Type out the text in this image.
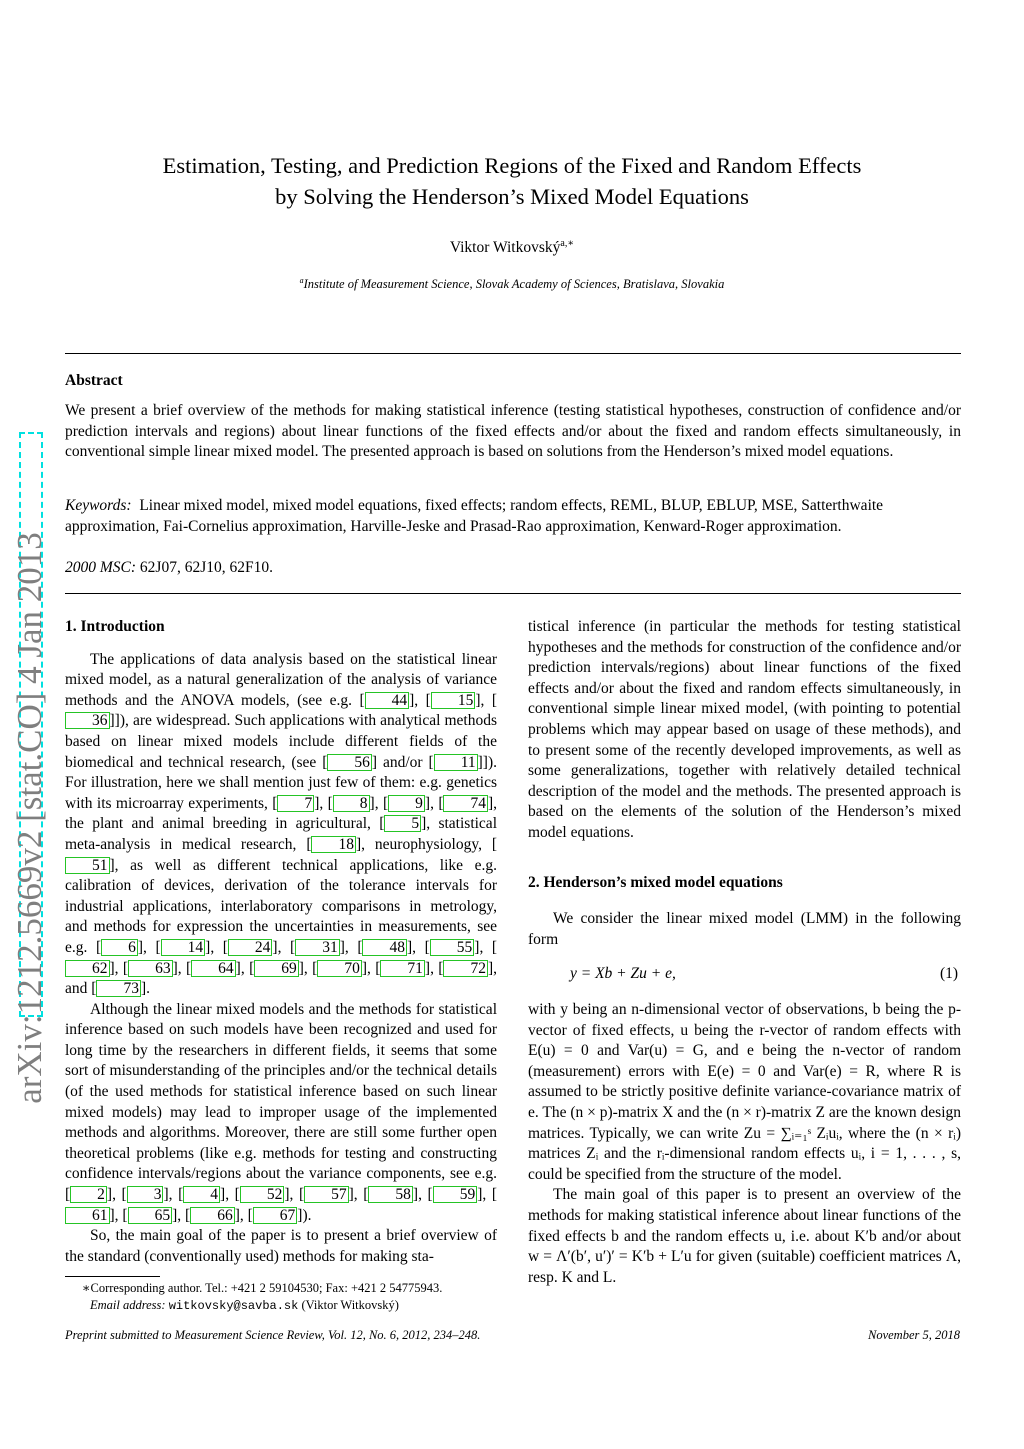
arXiv:1212.5669v2 [stat.CO] 4 Jan 2013
Estimation, Testing, and Prediction Regions of the Fixed and Random Effects
by Solving the Henderson’s Mixed Model Equations
Viktor Witkovský$^{a,∗}$
$^a$Institute of Measurement Science, Slovak Academy of Sciences, Bratislava, Slovakia
Abstract
We present a brief overview of the methods for making statistical inference (testing statistical hypotheses, construction of confidence and/or prediction intervals and regions) about linear functions of the fixed effects and/or about the fixed and random effects simultaneously, in conventional simple linear mixed model. The presented approach is based on solutions from the Henderson’s mixed model equations.
Keywords: Linear mixed model, mixed model equations, fixed effects; random effects, REML, BLUP, EBLUP, MSE, Satterthwaite approximation, Fai-Cornelius approximation, Harville-Jeske and Prasad-Rao approximation, Kenward-Roger approximation.
2000 MSC: 62J07, 62J10, 62F10.
1. Introduction

The applications of data analysis based on the statistical linear mixed model, as a natural generalization of the analysis of variance methods and the ANOVA models, (see e.g. [ 44 ], [ 15 ], [36 ]]), are widespread. Such applications with analytical methods based on linear mixed models include different fields of the biomedical and technical research, (see [ 56 ] and/or [ 11 ]]). For illustration, here we shall mention just few of them: e.g. genetics with its microarray experiments, [ 7 ], [ 8 ], [ 9 ], [ 74 ], the plant and animal breeding in agricultural, [ 5 ], statistical meta-analysis in medical research, [ 18 ], neurophysiology, [51 ], as well as different technical applications, like e.g. calibration of devices, derivation of the tolerance intervals for industrial applications, interlaboratory comparisons in metrology, and methods for expression the uncertainties in measurements, see e.g. [ 6 ], [ 14 ], [ 24 ], [ 31 ], [ 48 ], [ 55 ], [62 ], [ 63 ], [ 64 ], [ 69 ], [ 70 ], [ 71 ], [ 72 ], and [ 73 ].

Although the linear mixed models and the methods for statistical inference based on such models have been recognized and used for long time by the researchers in different fields, it seems that some sort of misunderstanding of the principles and/or the technical details (of the used methods for statistical inference based on such linear mixed models) may lead to improper usage of the implemented methods and algorithms. Moreover, there are still some further open theoretical problems (like e.g. methods for testing and constructing confidence intervals/regions about the variance components, see e.g. [ 2 ], [ 3 ], [ 4 ], [ 52 ], [ 57 ], [ 58 ], [ 59 ], [61 ], [ 65 ], [ 66 ], [ 67 ]).

So, the main goal of the paper is to present a brief overview of the standard (conventionally used) methods for making sta-

∗Corresponding author. Tel.: +421 2 59104530; Fax: +421 2 54775943.
Email address: witkovsky@savba.sk (Viktor Witkovský)
tistical inference (in particular the methods for testing statistical hypotheses and the methods for construction of the confidence and/or prediction intervals/regions) about linear functions of the fixed effects and/or about the fixed and random effects simultaneously, in conventional simple linear mixed model, (with pointing to potential problems which may appear based on usage of these methods), and to present some of the recently developed improvements, as well as some generalizations, together with relatively detailed technical description of the model and the methods. The presented approach is based on the elements of the solution of the Henderson’s mixed model equations.
2. Henderson’s mixed model equations

We consider the linear mixed model (LMM) in the following form

y = Xb + Zu + e,	(1)

with y being an n-dimensional vector of observations, b being the p-vector of fixed effects, u being the r-vector of random effects with E(u) = 0 and Var(u) = G, and e being the n-vector of random (measurement) errors with E(e) = 0 and Var(e) = R, where R is assumed to be strictly positive definite variance-covariance matrix of e. The (n × p)-matrix X and the (n × r)-matrix Z are the known design matrices. Typically, we can write Zu = ∑ᵢ₌₁ˢ Zᵢuᵢ, where the (n × rᵢ) matrices Zᵢ and the rᵢ-dimensional random effects uᵢ, i = 1, . . . , s, could be specified from the structure of the model.

The main goal of this paper is to present an overview of the methods for making statistical inference about linear functions of the fixed effects b and the random effects u, i.e. about K′b and/or about w = Λ′(b′, u′)′ = K′b + L′u for given (suitable) coefficient matrices Λ, resp. K and L.

Preprint submitted to Measurement Science Review, Vol. 12, No. 6, 2012, 234–248.	November 5, 2018
